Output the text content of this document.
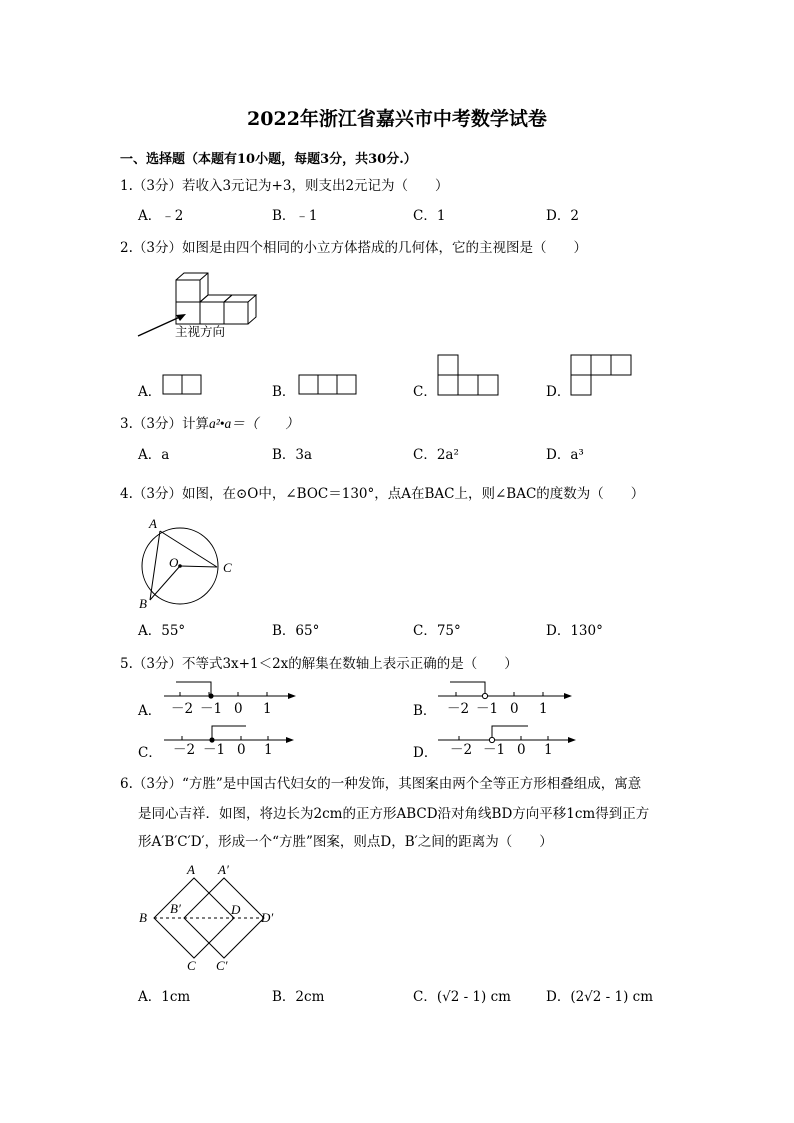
2022年浙江省嘉兴市中考数学试卷
一、选择题（本题有10小题，每题3分，共30分.）
1.（3分）若收入3元记为+3，则支出2元记为（　　）
A．﹣2	B．﹣1	C．1	D．2
2.（3分）如图是由四个相同的小立方体搭成的几何体，它的主视图是（　　）
主视方向
A．	B．	C．	D．
3.（3分）计算a²•a＝（　　）
A．a	B．3a	C．2a²	D．a³
4.（3分）如图，在⊙O中，∠BOC＝130°，点A在BAC上，则∠BAC的度数为（　　）
A
O	C
B
A．55°	B．65°	C．75°	D．130°
5.（3分）不等式3x+1＜2x的解集在数轴上表示正确的是（　　）
A． －2 －1 0 1	B． －2 －1 0 1
C． －2 －1 0 1	D． －2 －1 0 1
6.（3分）“方胜”是中国古代妇女的一种发饰，其图案由两个全等正方形相叠组成，寓意
是同心吉祥．如图，将边长为2cm的正方形ABCD沿对角线BD方向平移1cm得到正方
形A′B′C′D′，形成一个“方胜”图案，则点D，B′之间的距离为（　　）
A A′
B
B′	D
D′
C C′
A．1cm	B．2cm	C．(√2 - 1) cm	D．(2√2 - 1) cm
